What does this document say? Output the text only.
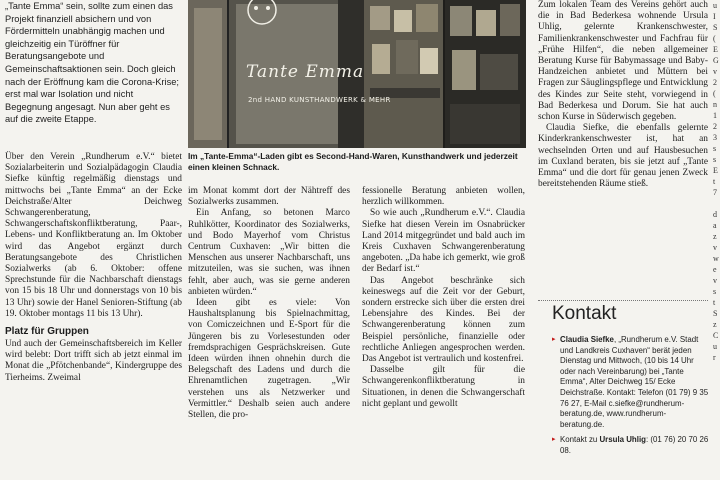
„Tante Emma“ sein, sollte zum einen das Projekt finanziell absichern und von Fördermitteln unabhängig machen und gleichzeitig ein Türöffner für Beratungsangebote und Gemeinschaftsaktionen sein. Doch gleich nach der Eröffnung kam die Corona-Krise; erst mal war Isolation und nicht Begegnung angesagt. Nun aber geht es auf die zweite Etappe.
Tante Emma
2nd HAND KUNSTHANDWERK & MEHR
Im „Tante-Emma“-Laden gibt es Second-Hand-Waren, Kunsthandwerk und jederzeit einen kleinen Schnack.

Über den Verein „Rundherum e.V.“ bietet Sozialarbeiterin und Sozialpädagogin Claudia Siefke künftig regelmäßig dienstags und mittwochs bei „Tante Emma“ an der Ecke Deichstraße/Alter Deichweg Schwangerenberatung, Schwangerschaftskonfliktberatung, Paar-, Lebens- und Konfliktberatung an. Im Oktober wird das Angebot ergänzt durch Beratungsangebote des Christlichen Sozialwerks (ab 6. Oktober: offene Sprechstunde für die Nachbarschaft dienstags von 15 bis 18 Uhr und donnerstags von 10 bis 13 Uhr) sowie der Hanel Senioren-Stiftung (ab 19. Oktober montags 11 bis 13 Uhr).

Platz für Gruppen

Und auch der Gemeinschaftsbereich im Keller wird belebt: Dort trifft sich ab jetzt einmal im Monat die „Pfötchenbande“, Kindergruppe des Tierheims. Zweimal

im Monat kommt dort der Nähtreff des Sozialwerks zusammen.

Ein Anfang, so betonen Marco Ruhlkötter, Koordinator des Sozialwerks, und Bodo Mayerhof vom Christus Centrum Cuxhaven: „Wir bitten die Menschen aus unserer Nachbarschaft, uns mitzuteilen, was sie suchen, was ihnen fehlt, aber auch, was sie gerne anderen anbieten würden.“

Ideen gibt es viele: Von Haushaltsplanung bis Spielnachmittag, von Comiczeichnen und E-Sport für die Jüngeren bis zu Vorlesestunden oder fremdsprachigen Gesprächskreisen. Gute Ideen würden ihnen ohnehin durch die Belegschaft des Ladens und durch die Ehrenamtlichen zugetragen. „Wir verstehen uns als Netzwerker und Vermittler.“ Deshalb seien auch andere Stellen, die pro-

fessionelle Beratung anbieten wollen, herzlich willkommen.

So wie auch „Rundherum e.V.“. Claudia Siefke hat diesen Verein im Osnabrücker Land 2014 mitgegründet und bald auch im Kreis Cuxhaven Schwangerenberatung angeboten. „Da habe ich gemerkt, wie groß der Bedarf ist.“

Das Angebot beschränke sich keineswegs auf die Zeit vor der Geburt, sondern erstrecke sich über die ersten drei Lebensjahre des Kindes. Bei der Schwangerenberatung können zum Beispiel persönliche, finanzielle oder rechtliche Anliegen angesprochen werden. Das Angebot ist vertraulich und kostenfrei.

Dasselbe gilt für die Schwangerenkonfliktberatung in Situationen, in denen die Schwangerschaft nicht geplant und gewollt

Zum lokalen Team des Vereins gehört auch die in Bad Bederkesa wohnende Ursula Uhlig, gelernte Krankenschwester, Familienkrankenschwester und Fachfrau für „Frühe Hilfen“, die neben allgemeiner Beratung Kurse für Babymassage und Baby-Handzeichen anbietet und Müttern bei Fragen zur Säuglingspflege und Entwicklung des Kindes zur Seite steht, vorwiegend in Bad Bederkesa und Dorum. Sie hat auch schon Kurse in Süderwisch gegeben.

Claudia Siefke, die ebenfalls gelernte Kinderkrankenschwester ist, hat an wechselnden Orten und auf Hausbesuchen im Cuxland beraten, bis sie jetzt auf „Tante Emma“ und die dort für genau jenen Zweck bereitstehenden Räume stieß.

Kontakt
▸ Claudia Siefke, „Rundherum e.V. Stadt und Landkreis Cuxhaven“ berät jeden Dienstag und Mittwoch, (10 bis 14 Uhr oder nach Vereinbarung) bei „Tante Emma“, Alter Deichweg 15/ Ecke Deichstraße. Kontakt: Telefon (01 79) 9 35 76 27, E-Mail c.siefke@rundherum-beratung.de, www.rundherum-beratung.de.
▸ Kontakt zu Ursula Uhlig: (01 76) 20 70 26 08.
u
I
S
(
E
G
v
2
(
n
1
2
3
s
s
E
t
7

d
a
z
v
w
e
v
s
t
S
z
C
u
r
